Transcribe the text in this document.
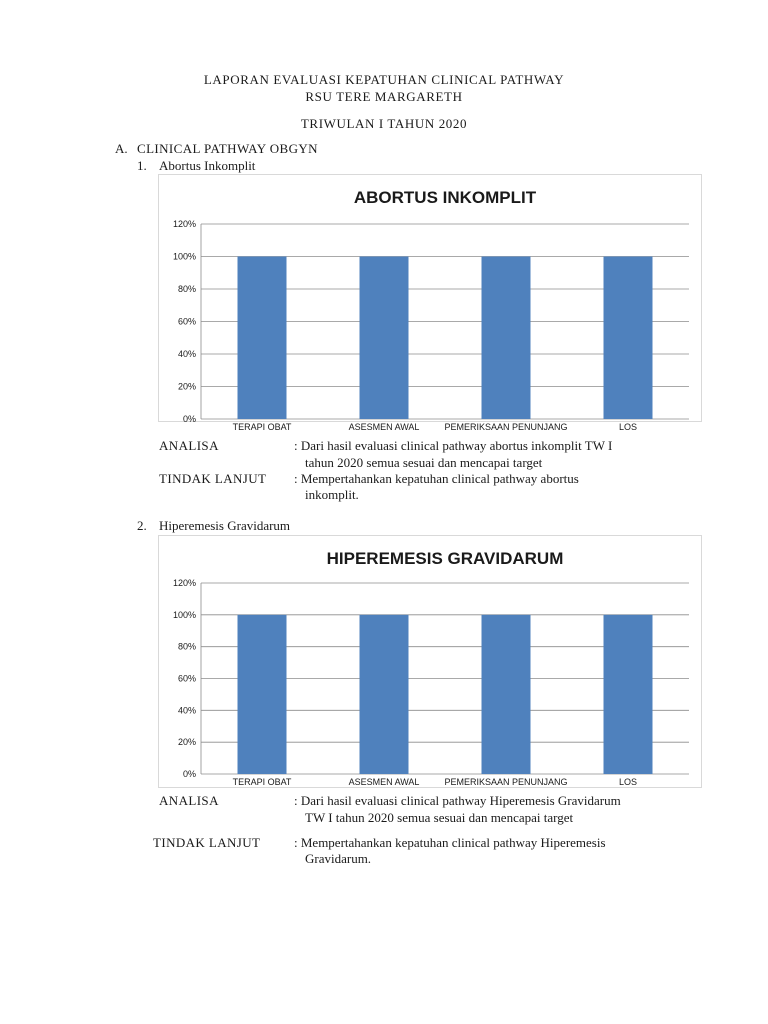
LAPORAN EVALUASI KEPATUHAN CLINICAL PATHWAY
RSU TERE MARGARETH
TRIWULAN I TAHUN 2020
A. CLINICAL PATHWAY OBGYN
1. Abortus Inkomplit
ABORTUS INKOMPLIT
0%
20%
40%
60%
80%
100%
120%
TERAPI OBAT	ASESMEN AWAL	PEMERIKSAAN PENUNJANG	LOS
ANALISA	: Dari hasil evaluasi clinical pathway abortus inkomplit TW I
tahun 2020 semua sesuai dan mencapai target
TINDAK LANJUT : Mempertahankan kepatuhan clinical pathway abortus
inkomplit.
2. Hiperemesis Gravidarum
HIPEREMESIS GRAVIDARUM
0%
20%
40%
60%
80%
100%
120%
TERAPI OBAT	ASESMEN AWAL	PEMERIKSAAN PENUNJANG	LOS
ANALISA	: Dari hasil evaluasi clinical pathway Hiperemesis Gravidarum
TW I tahun 2020 semua sesuai dan mencapai target
TINDAK LANJUT	: Mempertahankan kepatuhan clinical pathway Hiperemesis
Gravidarum.
